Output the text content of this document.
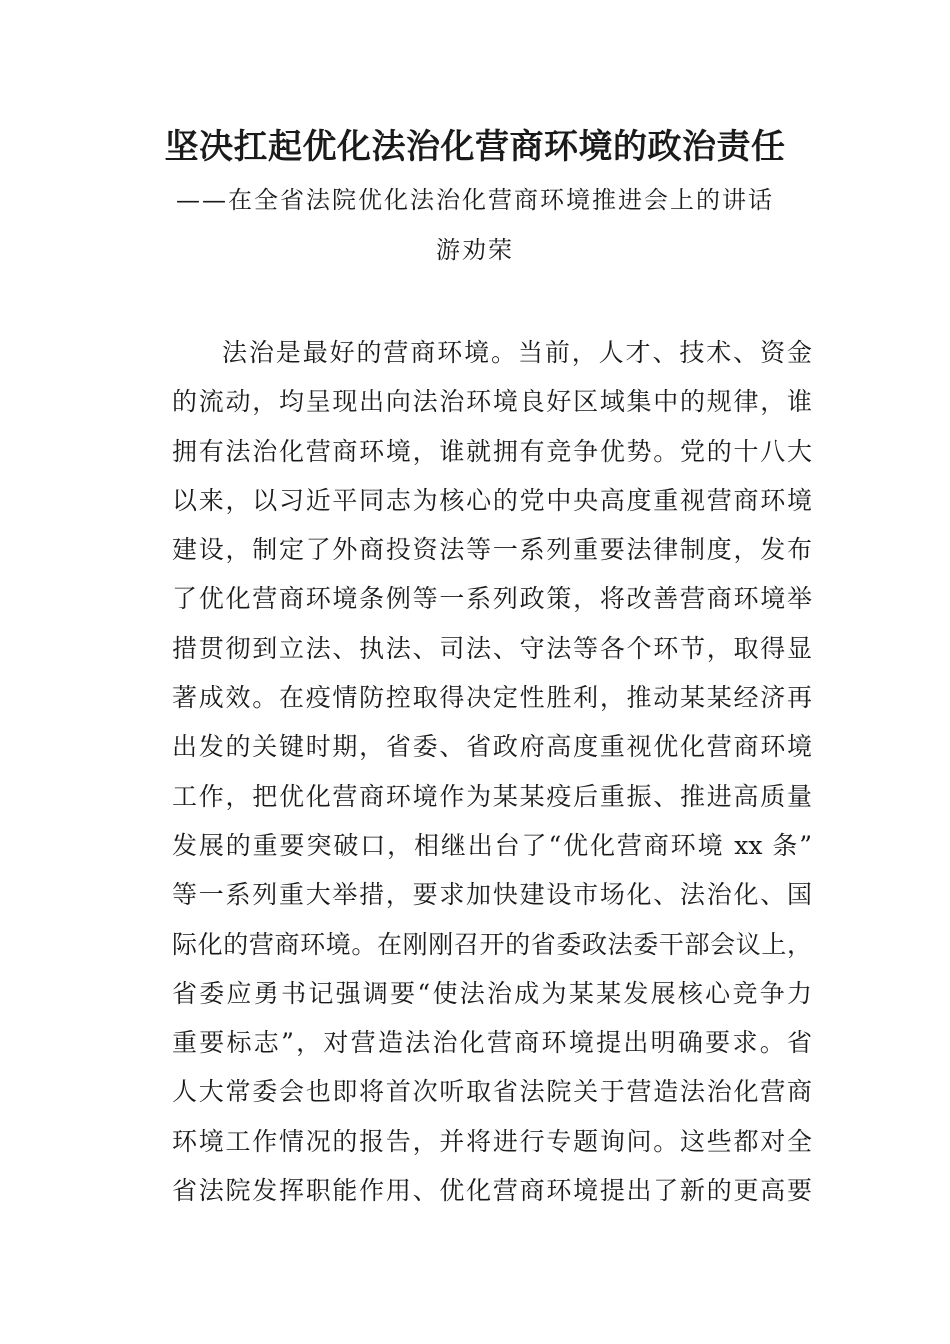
坚决扛起优化法治化营商环境的政治责任
——在全省法院优化法治化营商环境推进会上的讲话
游劝荣
法治是最好的营商环境。当前，人才、技术、资金
的流动，均呈现出向法治环境良好区域集中的规律，谁
拥有法治化营商环境，谁就拥有竞争优势。党的十八大
以来，以习近平同志为核心的党中央高度重视营商环境
建设，制定了外商投资法等一系列重要法律制度，发布
了优化营商环境条例等一系列政策，将改善营商环境举
措贯彻到立法、执法、司法、守法等各个环节，取得显
著成效。在疫情防控取得决定性胜利，推动某某经济再
出发的关键时期，省委、省政府高度重视优化营商环境
工作，把优化营商环境作为某某疫后重振、推进高质量
发展的重要突破口，相继出台了“优化营商环境 xx 条”
等一系列重大举措，要求加快建设市场化、法治化、国
际化的营商环境。在刚刚召开的省委政法委干部会议上，
省委应勇书记强调要“使法治成为某某发展核心竞争力
重要标志”，对营造法治化营商环境提出明确要求。省
人大常委会也即将首次听取省法院关于营造法治化营商
环境工作情况的报告，并将进行专题询问。这些都对全
省法院发挥职能作用、优化营商环境提出了新的更高要
